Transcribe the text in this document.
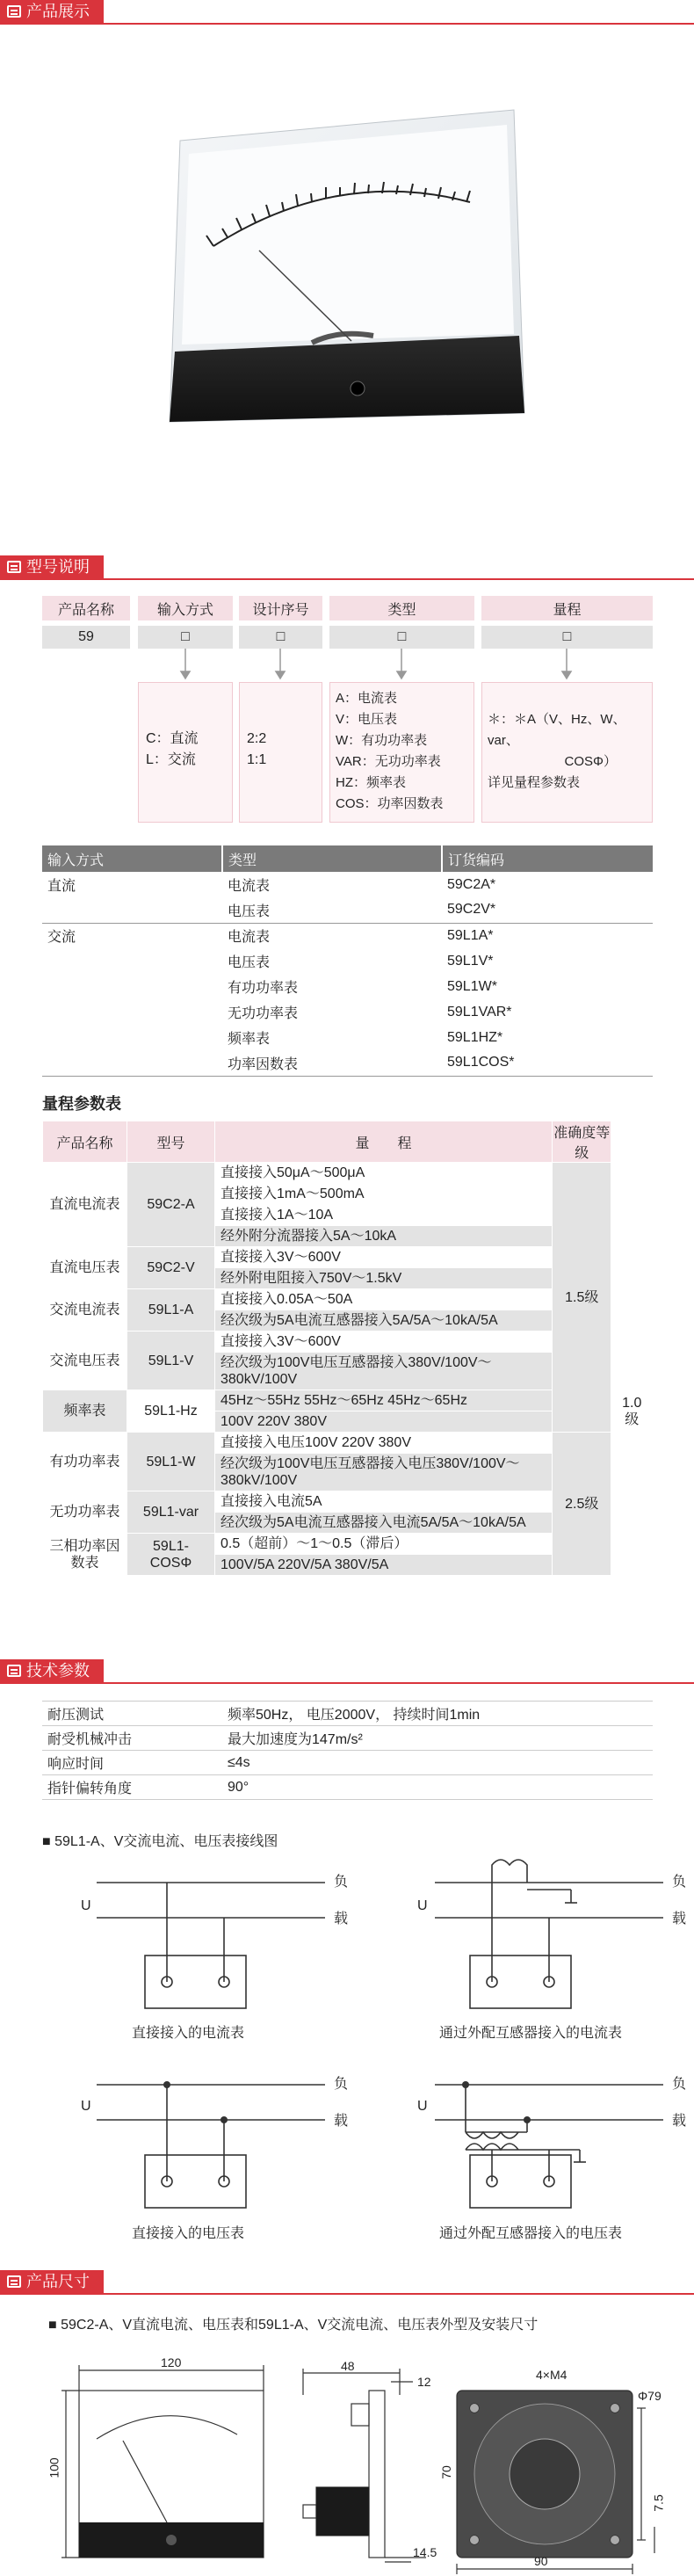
产品展示
型号说明
产品名称	输入方式	设计序号	类型	量程
59	□	□	□	□
C：直流
L：交流
2:2
1:1
A：电流表
V：电压表
W：有功功率表
VAR：无功功率表
HZ：频率表
COS：功率因数表
＊：＊A（V、Hz、W、var、
COSΦ）
详见量程参数表
输入方式	类型	订货编码
直流	电流表	59C2A*
	电压表	59C2V*
交流	电流表	59L1A*
	电压表	59L1V*
	有功功率表	59L1W*
	无功功率表	59L1VAR*
	频率表	59L1HZ*
	功率因数表	59L1COS*
量程参数表
产品名称	型号	量　　程	准确度等级	
直流电流表	59C2-A	直接接入50μA～500μA	1.5级	
		直接接入1mA～500mA		
		直接接入1A～10A		
		经外附分流器接入5A～10kA		
直流电压表	59C2-V	直接接入3V～600V		
		经外附电阻接入750V～1.5kV		
交流电流表	59L1-A	直接接入0.05A～50A		
		经次级为5A电流互感器接入5A/5A～10kA/5A		
交流电压表	59L1-V	直接接入3V～600V		
		经次级为100V电压互感器接入380V/100V～380kV/100V		
频率表	59L1-Hz	45Hz～55Hz 55Hz～65Hz 45Hz～65Hz		1.0级
		100V 220V 380V		
有功功率表	59L1-W	直接接入电压100V 220V 380V	2.5级	
		经次级为100V电压互感器接入电压380V/100V～380kV/100V		
无功功率表	59L1-var	直接接入电流5A		
		经次级为5A电流互感器接入电流5A/5A～10kA/5A		
三相功率因数表	59L1-COSΦ	0.5（超前）～1～0.5（滞后）		
		100V/5A 220V/5A 380V/5A		
技术参数
耐压测试	频率50Hz， 电压2000V， 持续时间1min
耐受机械冲击	最大加速度为147m/s²
响应时间	≤4s
指针偏转角度	90°
■ 59L1-A、V交流电流、电压表接线图
U
负
载
U
负
载
直接接入的电流表	通过外配互感器接入的电流表
U
负
载
U
负
载
直接接入的电压表	通过外配互感器接入的电压表
产品尺寸
■ 59C2-A、V直流电流、电压表和59L1-A、V交流电流、电压表外型及安装尺寸
120
100
48
12
14.5
4×M4
Φ79
70
7.5
90
